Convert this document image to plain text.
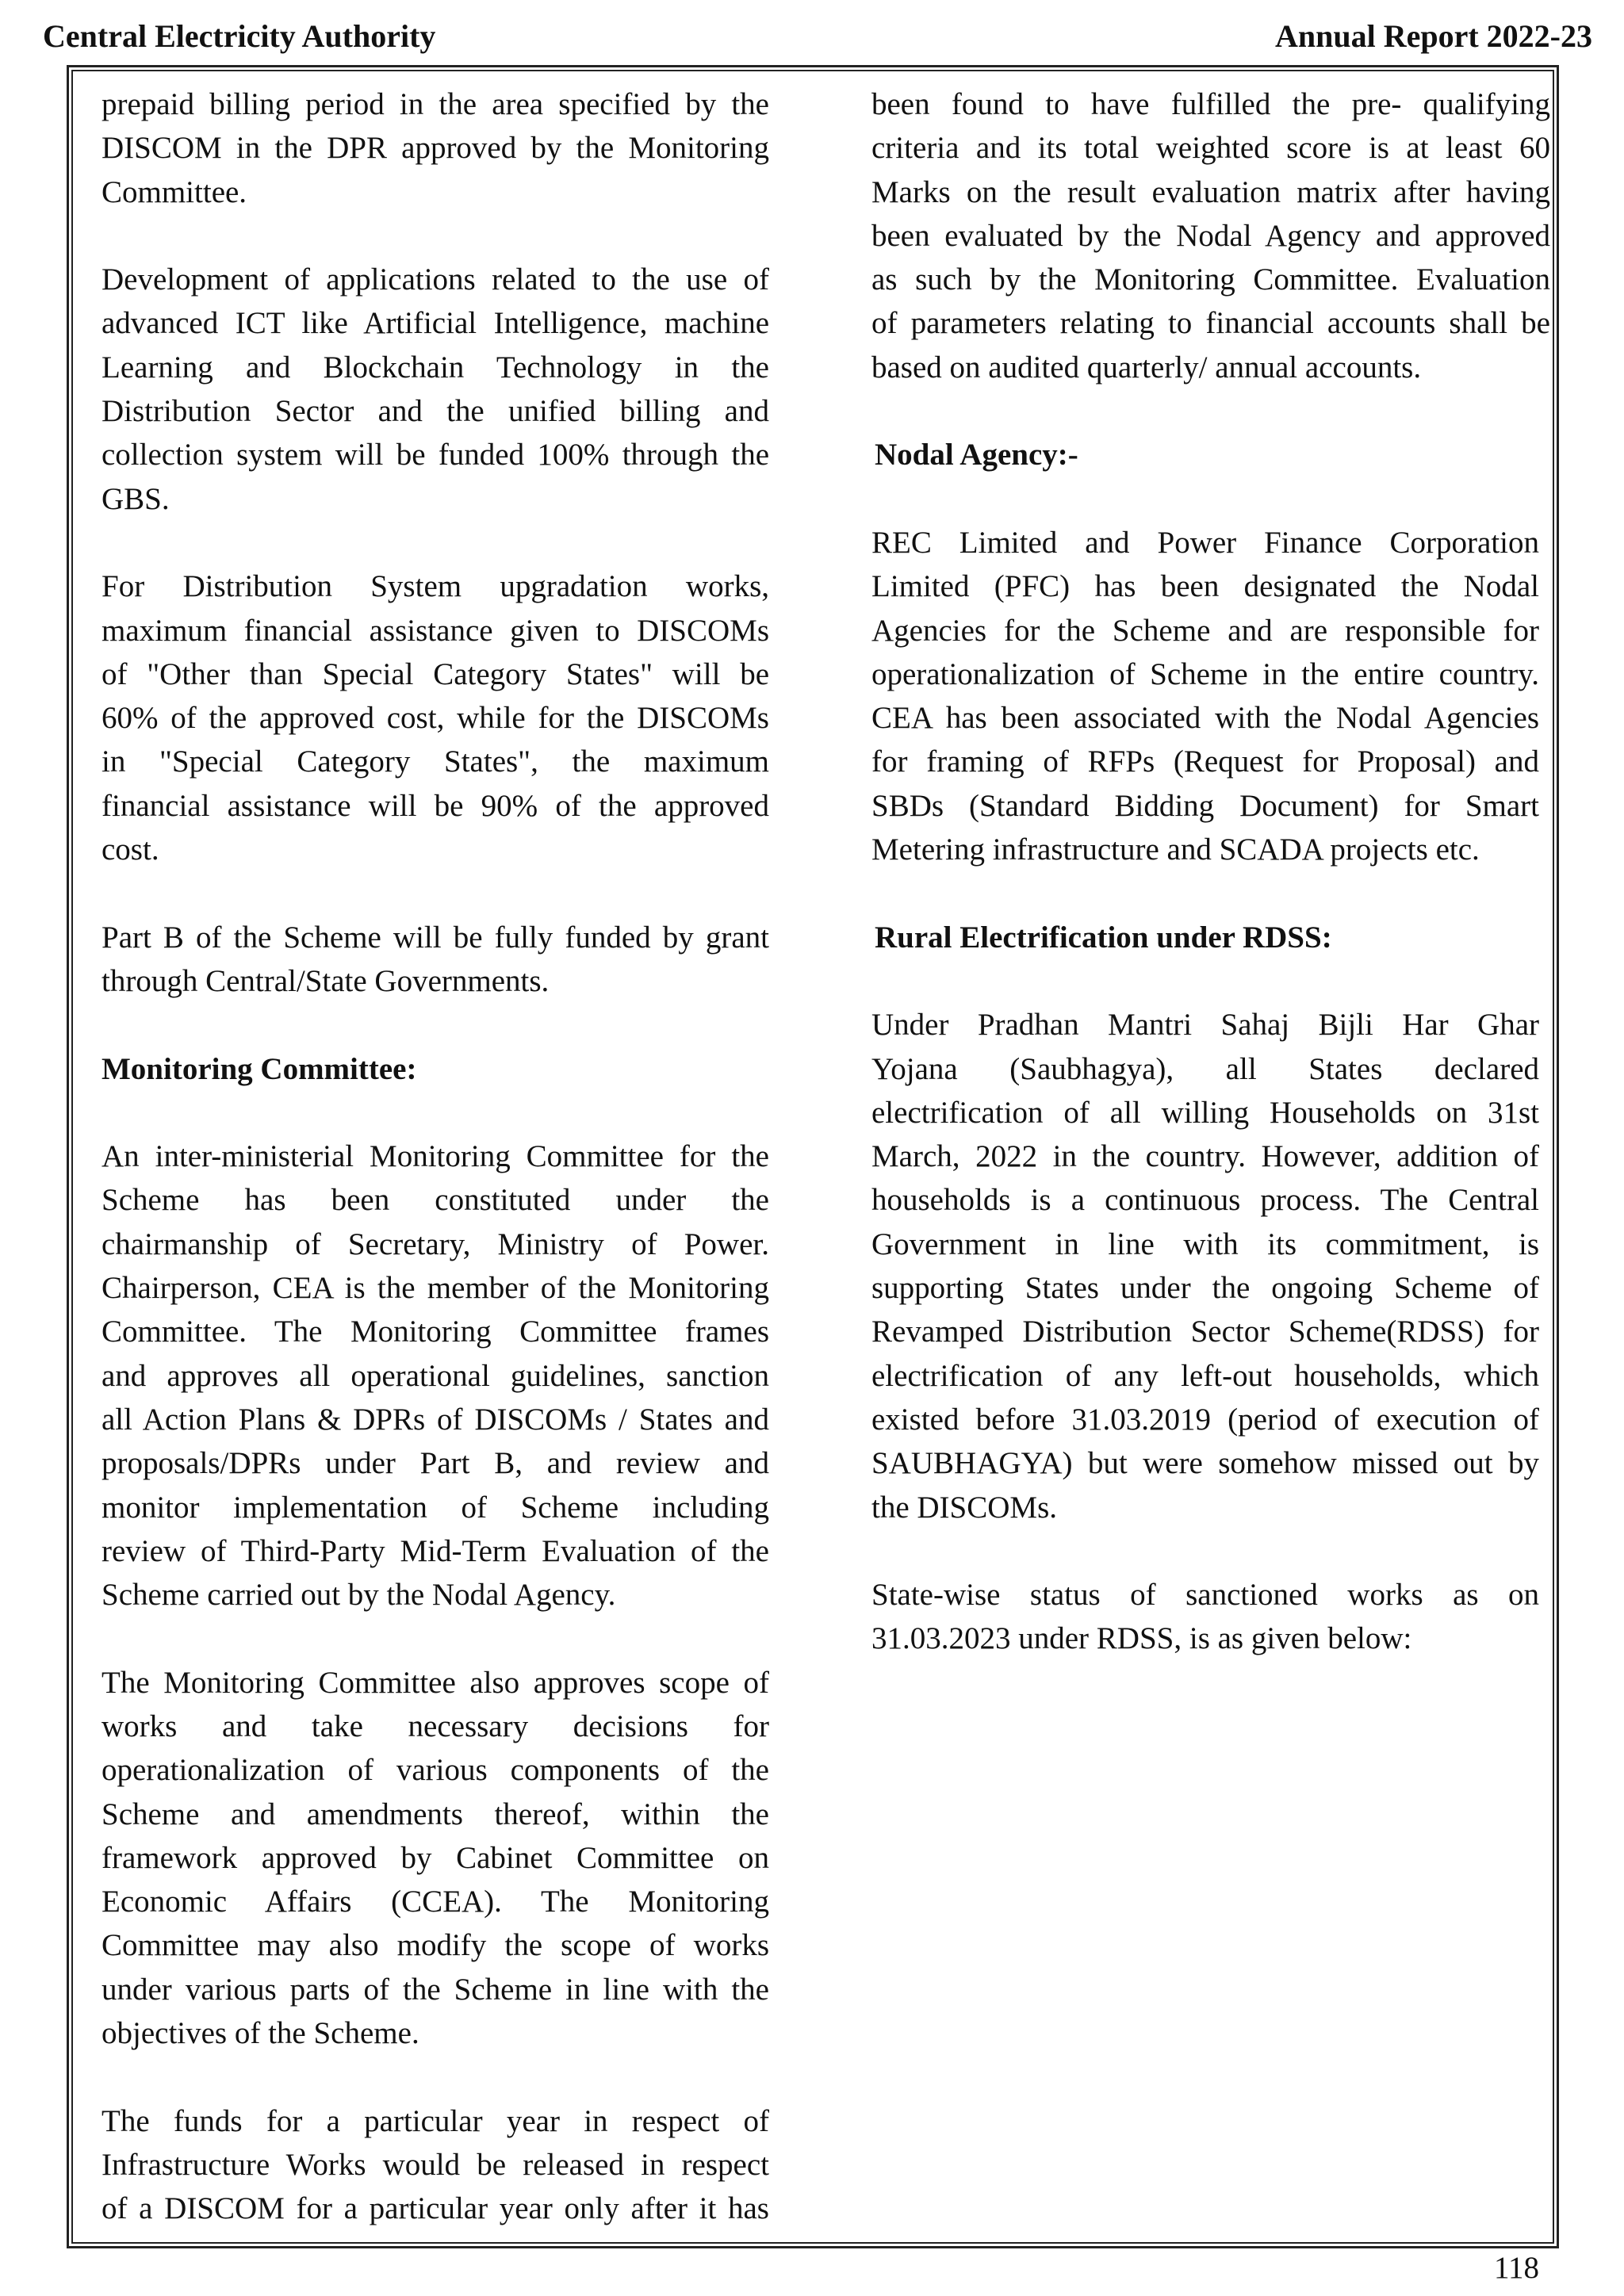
Central Electricity Authority	Annual Report 2022-23
prepaid billing period in the area specified by the
DISCOM in the DPR approved by the Monitoring
Committee.
Development of applications related to the use of
advanced ICT like Artificial Intelligence, machine
Learning and Blockchain Technology in the
Distribution Sector and the unified billing and
collection system will be funded 100% through the
GBS.
For Distribution System upgradation works,
maximum financial assistance given to DISCOMs
of "Other than Special Category States" will be
60% of the approved cost, while for the DISCOMs
in "Special Category States", the maximum
financial assistance will be 90% of the approved
cost.
Part B of the Scheme will be fully funded by grant
through Central/State Governments.
Monitoring Committee:
An inter-ministerial Monitoring Committee for the
Scheme has been constituted under the
chairmanship of Secretary, Ministry of Power.
Chairperson, CEA is the member of the Monitoring
Committee. The Monitoring Committee frames
and approves all operational guidelines, sanction
all Action Plans & DPRs of DISCOMs / States and
proposals/DPRs under Part B, and review and
monitor implementation of Scheme including
review of Third-Party Mid-Term Evaluation of the
Scheme carried out by the Nodal Agency.
The Monitoring Committee also approves scope of
works and take necessary decisions for
operationalization of various components of the
Scheme and amendments thereof, within the
framework approved by Cabinet Committee on
Economic Affairs (CCEA). The Monitoring
Committee may also modify the scope of works
under various parts of the Scheme in line with the
objectives of the Scheme.
The funds for a particular year in respect of
Infrastructure Works would be released in respect
of a DISCOM for a particular year only after it has
been found to have fulfilled the pre- qualifying
criteria and its total weighted score is at least 60
Marks on the result evaluation matrix after having
been evaluated by the Nodal Agency and approved
as such by the Monitoring Committee. Evaluation
of parameters relating to financial accounts shall be
based on audited quarterly/ annual accounts.
Nodal Agency:-
REC Limited and Power Finance Corporation
Limited (PFC) has been designated the Nodal
Agencies for the Scheme and are responsible for
operationalization of Scheme in the entire country.
CEA has been associated with the Nodal Agencies
for framing of RFPs (Request for Proposal) and
SBDs (Standard Bidding Document) for Smart
Metering infrastructure and SCADA projects etc.
Rural Electrification under RDSS:
Under Pradhan Mantri Sahaj Bijli Har Ghar
Yojana (Saubhagya), all States declared
electrification of all willing Households on 31st
March, 2022 in the country. However, addition of
households is a continuous process. The Central
Government in line with its commitment, is
supporting States under the ongoing Scheme of
Revamped Distribution Sector Scheme(RDSS) for
electrification of any left-out households, which
existed before 31.03.2019 (period of execution of
SAUBHAGYA) but were somehow missed out by
the DISCOMs.
State-wise status of sanctioned works as on
31.03.2023 under RDSS, is as given below:
118
